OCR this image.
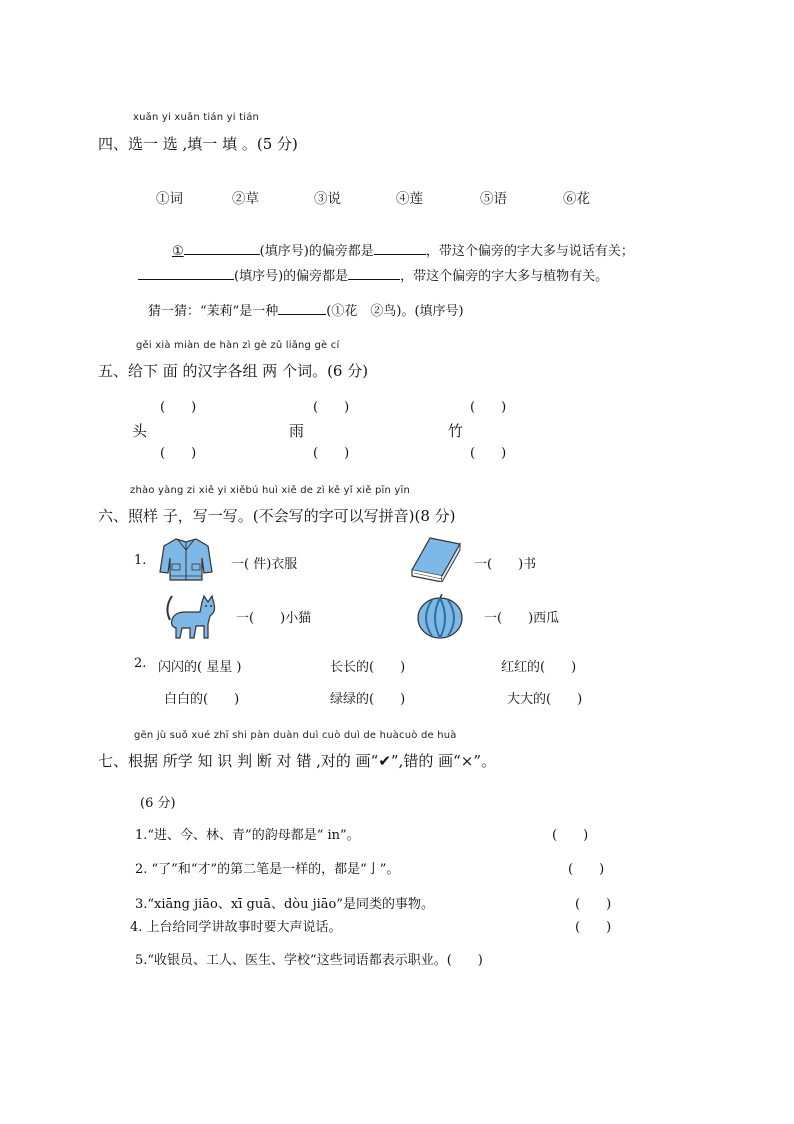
xuǎn yi xuǎn tián yi tián
四、选一 选 ,填一 填 。(5 分)
①词	②草	③说	④莲	⑤语	⑥花
①	(填序号)的偏旁都是	，带这个偏旁的字大多与说话有关；
(填序号)的偏旁都是	，带这个偏旁的字大多与植物有关。
猜一猜：“茉莉”是一种	(①花　②鸟)。(填序号)
gěi xià miàn de hàn zì gè zǔ liǎng gè cí
五、给下 面 的汉字各组 两 个词。(6 分)
(　　)	(　　)	(　　)
头	雨	竹
(　　)	(　　)	(　　)
zhào yàng zi xiě yi xiěbú huì xiě de zì kě yǐ xiě pīn yīn
六、照样 子，写一写。(不会写的字可以写拼音)(8 分)
1.	一( 件)衣服	一(　　)书
一(　　)小猫	一(　　)西瓜
2. 闪闪的( 星星 )	长长的(　　)	红红的(　　)
白白的(　　)	绿绿的(　　)	大大的(　　)
gēn jù suǒ xué zhī shi pàn duàn duì cuò duì de huàcuò de huà
七、根据 所学 知 识 判 断 对 错 ,对的 画“✔”,错的 画“×”。
(6 分)
1.“进、今、林、青”的韵母都是“ in”。	(　　)
2. “了”和“才”的第二笔是一样的，都是“亅”。	(　　)
3.“xiāng jiāo、xī guā、dòu jiāo”是同类的事物。	(　　)
4. 上台给同学讲故事时要大声说话。	(　　)
5.“收银员、工人、医生、学校”这些词语都表示职业。(　　)
